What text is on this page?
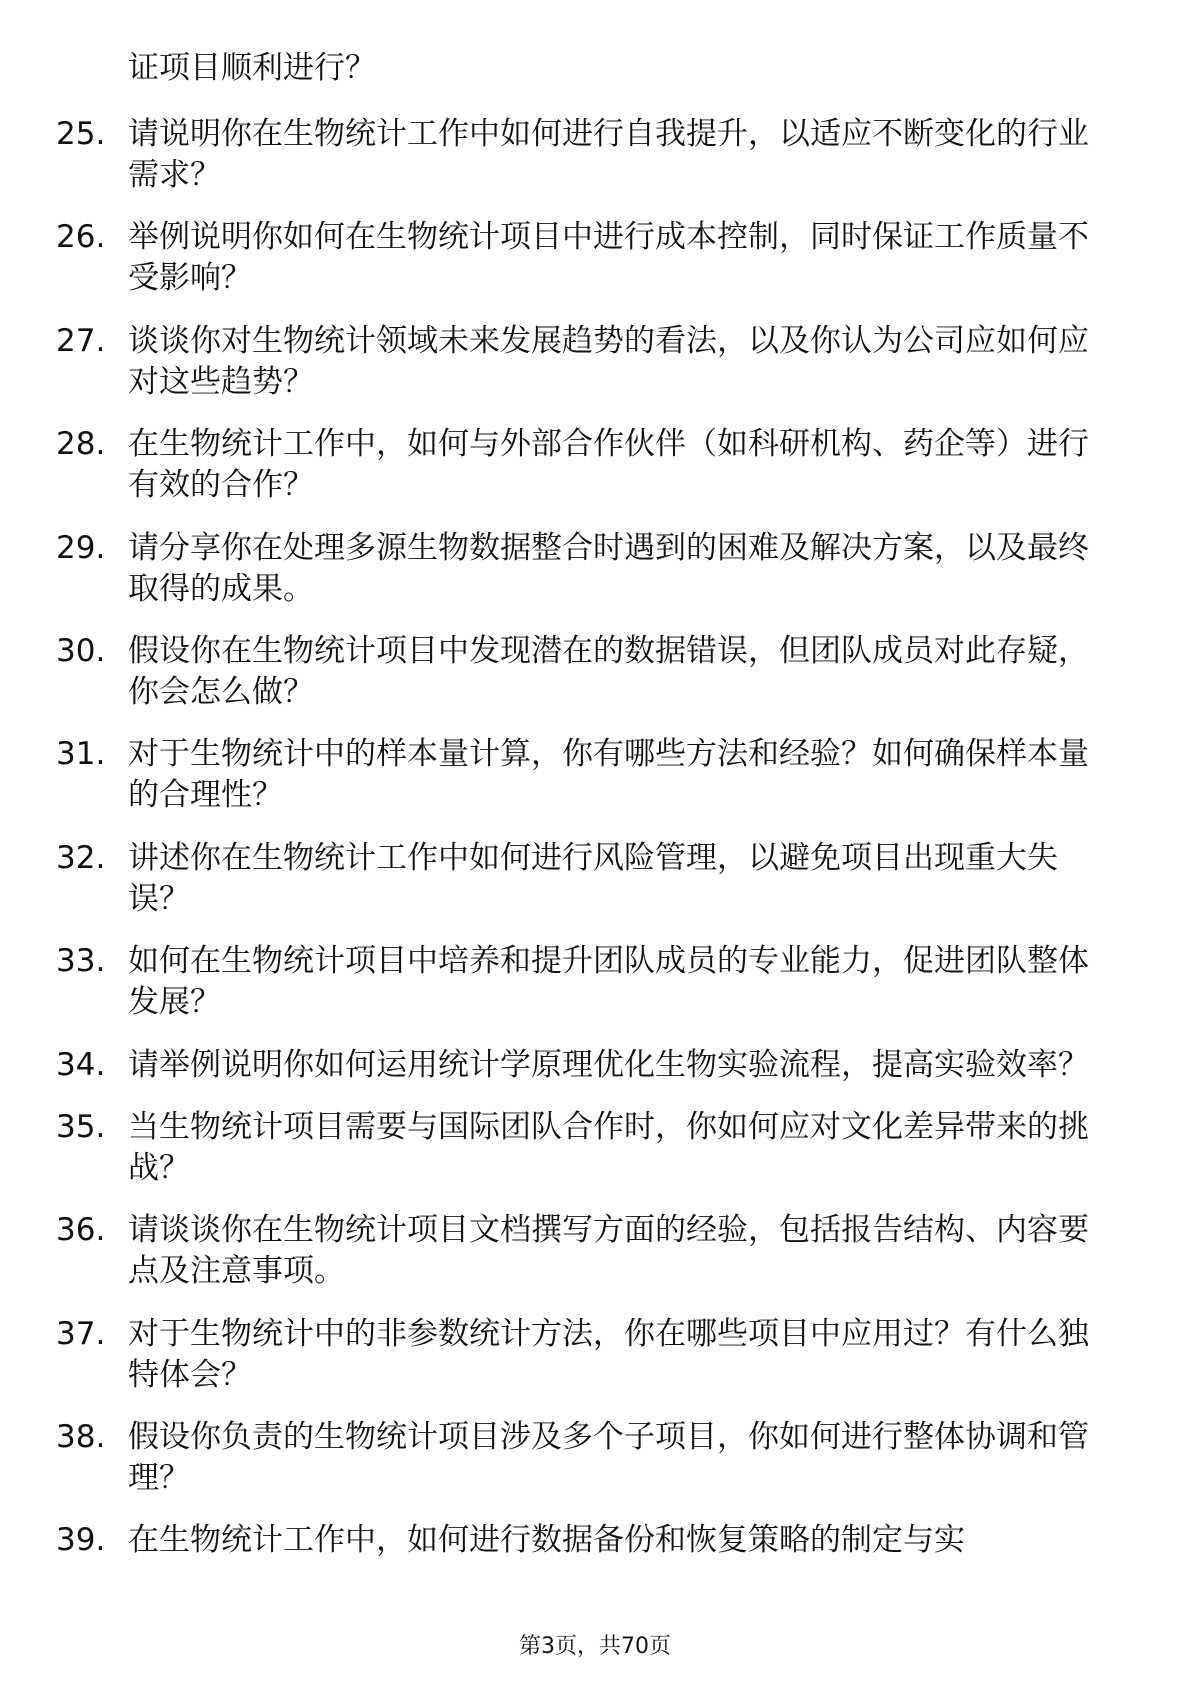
证项目顺利进行？
25. 请说明你在生物统计工作中如何进行自我提升，以适应不断变化的行业需求？
26. 举例说明你如何在生物统计项目中进行成本控制，同时保证工作质量不受影响？
27. 谈谈你对生物统计领域未来发展趋势的看法，以及你认为公司应如何应对这些趋势？
28. 在生物统计工作中，如何与外部合作伙伴（如科研机构、药企等）进行有效的合作？
29. 请分享你在处理多源生物数据整合时遇到的困难及解决方案，以及最终取得的成果。
30. 假设你在生物统计项目中发现潜在的数据错误，但团队成员对此存疑，你会怎么做？
31. 对于生物统计中的样本量计算，你有哪些方法和经验？如何确保样本量的合理性？
32. 讲述你在生物统计工作中如何进行风险管理，以避免项目出现重大失误？
33. 如何在生物统计项目中培养和提升团队成员的专业能力，促进团队整体发展？
34. 请举例说明你如何运用统计学原理优化生物实验流程，提高实验效率？
35. 当生物统计项目需要与国际团队合作时，你如何应对文化差异带来的挑战？
36. 请谈谈你在生物统计项目文档撰写方面的经验，包括报告结构、内容要点及注意事项。
37. 对于生物统计中的非参数统计方法，你在哪些项目中应用过？有什么独特体会？
38. 假设你负责的生物统计项目涉及多个子项目，你如何进行整体协调和管理？
39. 在生物统计工作中，如何进行数据备份和恢复策略的制定与实
第3页，共70页
